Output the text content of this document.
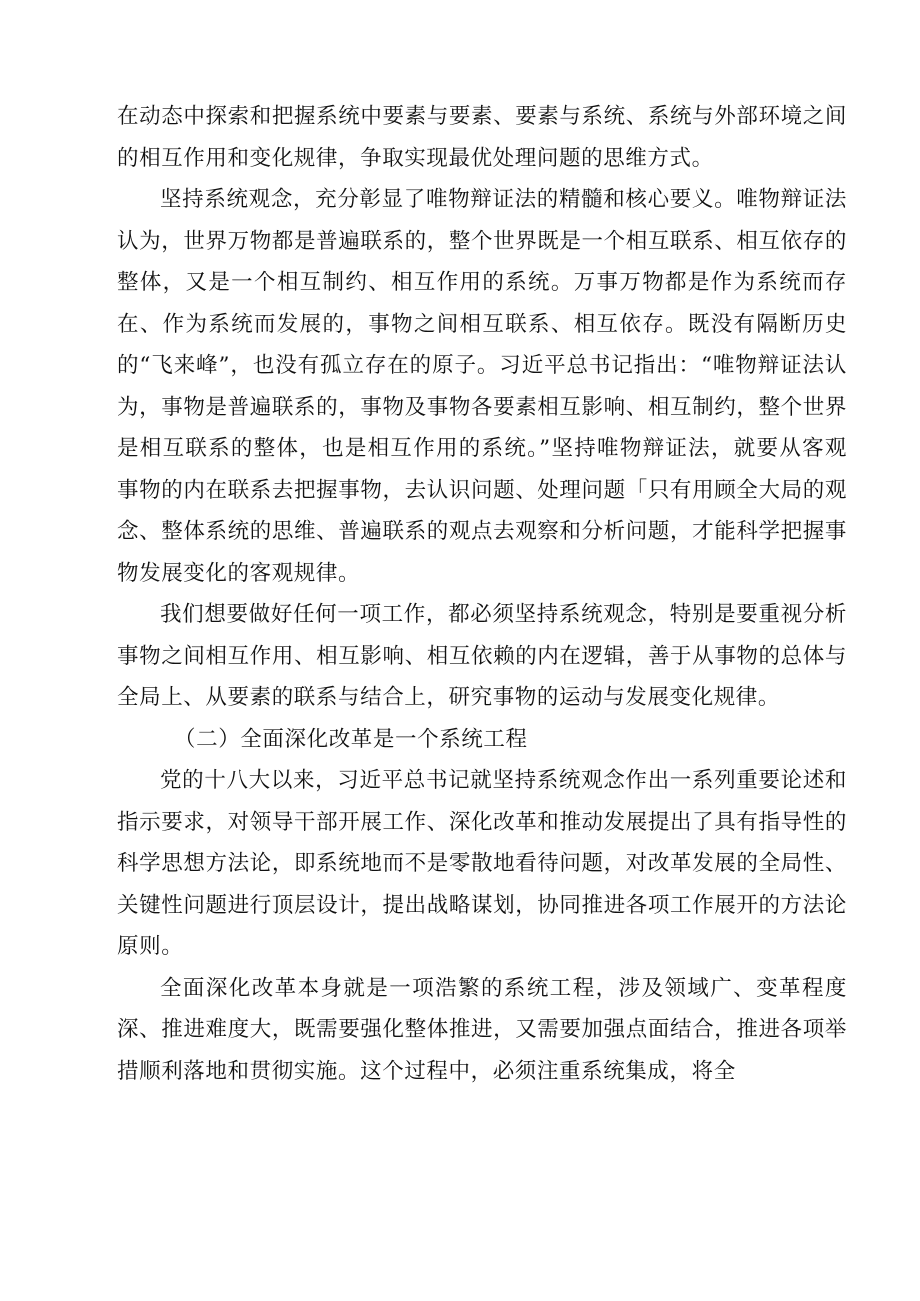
在动态中探索和把握系统中要素与要素、要素与系统、系统与外部环境之间的相互作用和变化规律，争取实现最优处理问题的思维方式。

坚持系统观念，充分彰显了唯物辩证法的精髓和核心要义。唯物辩证法认为，世界万物都是普遍联系的，整个世界既是一个相互联系、相互依存的整体，又是一个相互制约、相互作用的系统。万事万物都是作为系统而存在、作为系统而发展的，事物之间相互联系、相互依存。既没有隔断历史的“飞来峰”，也没有孤立存在的原子。习近平总书记指出：“唯物辩证法认为，事物是普遍联系的，事物及事物各要素相互影响、相互制约，整个世界是相互联系的整体，也是相互作用的系统。”坚持唯物辩证法，就要从客观事物的内在联系去把握事物，去认识问题、处理问题「只有用顾全大局的观念、整体系统的思维、普遍联系的观点去观察和分析问题，才能科学把握事物发展变化的客观规律。

我们想要做好任何一项工作，都必须坚持系统观念，特别是要重视分析事物之间相互作用、相互影响、相互依赖的内在逻辑，善于从事物的总体与全局上、从要素的联系与结合上，研究事物的运动与发展变化规律。

（二）全面深化改革是一个系统工程

党的十八大以来，习近平总书记就坚持系统观念作出一系列重要论述和指示要求，对领导干部开展工作、深化改革和推动发展提出了具有指导性的科学思想方法论，即系统地而不是零散地看待问题，对改革发展的全局性、关键性问题进行顶层设计，提出战略谋划，协同推进各项工作展开的方法论原则。

全面深化改革本身就是一项浩繁的系统工程，涉及领域广、变革程度深、推进难度大，既需要强化整体推进，又需要加强点面结合，推进各项举措顺利落地和贯彻实施。这个过程中，必须注重系统集成，将全
